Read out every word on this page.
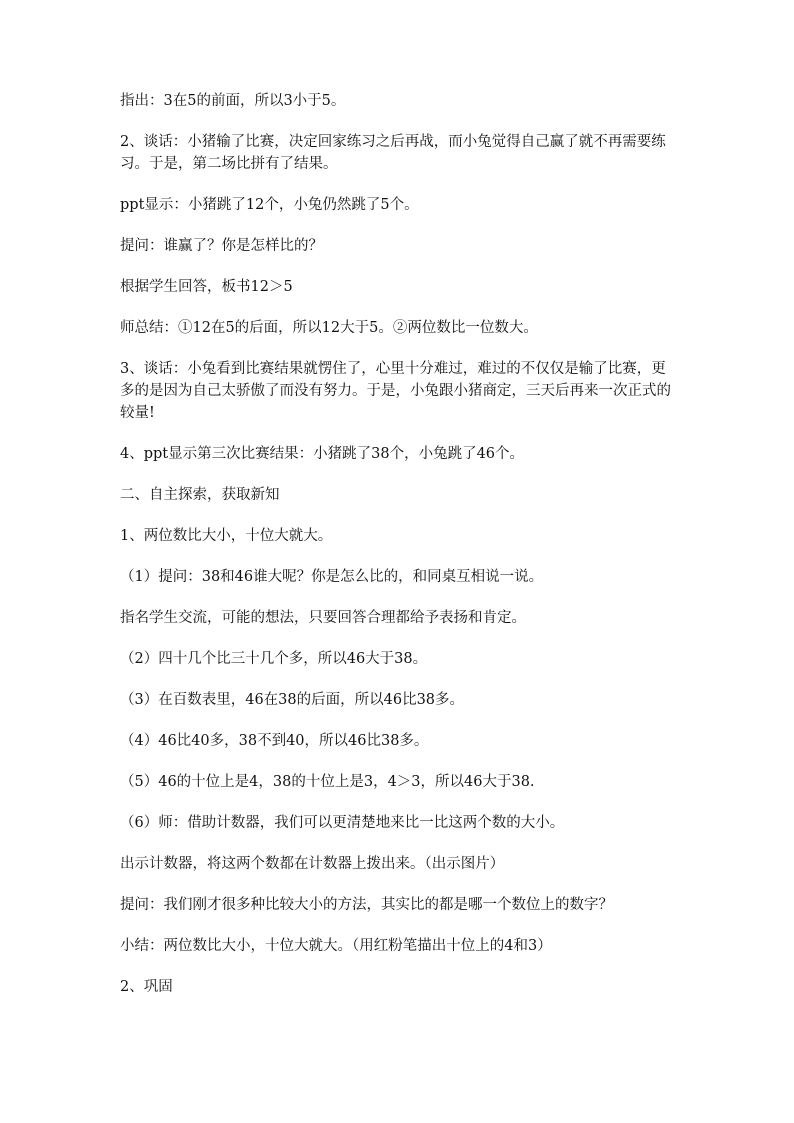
指出：3在5的前面，所以3小于5。

2、谈话：小猪输了比赛，决定回家练习之后再战，而小兔觉得自己赢了就不再需要练习。于是，第二场比拼有了结果。

ppt显示：小猪跳了12个，小兔仍然跳了5个。

提问：谁赢了？你是怎样比的？

根据学生回答，板书12＞5

师总结：①12在5的后面，所以12大于5。②两位数比一位数大。

3、谈话：小兔看到比赛结果就愣住了，心里十分难过，难过的不仅仅是输了比赛，更多的是因为自己太骄傲了而没有努力。于是，小兔跟小猪商定，三天后再来一次正式的较量!

4、ppt显示第三次比赛结果：小猪跳了38个，小兔跳了46个。

二、自主探索，获取新知

1、两位数比大小，十位大就大。

（1）提问：38和46谁大呢？你是怎么比的，和同桌互相说一说。

指名学生交流，可能的想法，只要回答合理都给予表扬和肯定。

（2）四十几个比三十几个多，所以46大于38。

（3）在百数表里，46在38的后面，所以46比38多。

（4）46比40多，38不到40，所以46比38多。

（5）46的十位上是4，38的十位上是3，4＞3，所以46大于38.

（6）师：借助计数器，我们可以更清楚地来比一比这两个数的大小。

出示计数器，将这两个数都在计数器上拨出来。（出示图片）

提问：我们刚才很多种比较大小的方法，其实比的都是哪一个数位上的数字？

小结：两位数比大小，十位大就大。（用红粉笔描出十位上的4和3）

2、巩固
